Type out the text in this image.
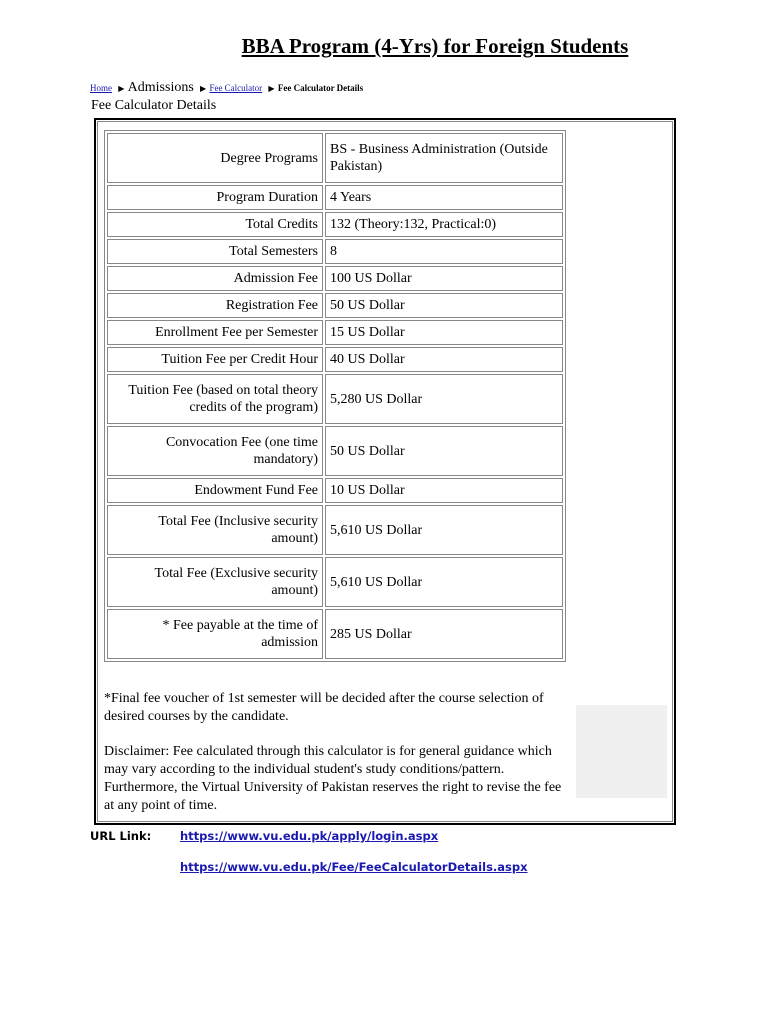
BBA Program (4-Yrs) for Foreign Students
Home ▶ Admissions ▶ Fee Calculator ▶ Fee Calculator Details
Fee Calculator Details
Degree Programs	BS - Business Administration (Outside Pakistan)
Program Duration	4 Years
Total Credits	132 (Theory:132, Practical:0)
Total Semesters	8
Admission Fee	100 US Dollar
Registration Fee	50 US Dollar
Enrollment Fee per Semester	15 US Dollar
Tuition Fee per Credit Hour	40 US Dollar
Tuition Fee (based on total theory credits of the program)	5,280 US Dollar
Convocation Fee (one time mandatory)	50 US Dollar
Endowment Fund Fee	10 US Dollar
Total Fee (Inclusive security amount)	5,610 US Dollar
Total Fee (Exclusive security amount)	5,610 US Dollar
* Fee payable at the time of admission	285 US Dollar

*Final fee voucher of 1st semester will be decided after the course selection of desired courses by the candidate.

Disclaimer: Fee calculated through this calculator is for general guidance which may vary according to the individual student's study conditions/pattern. Furthermore, the Virtual University of Pakistan reserves the right to revise the fee at any point of time.

URL Link:	https://www.vu.edu.pk/apply/login.aspx
https://www.vu.edu.pk/Fee/FeeCalculatorDetails.aspx
